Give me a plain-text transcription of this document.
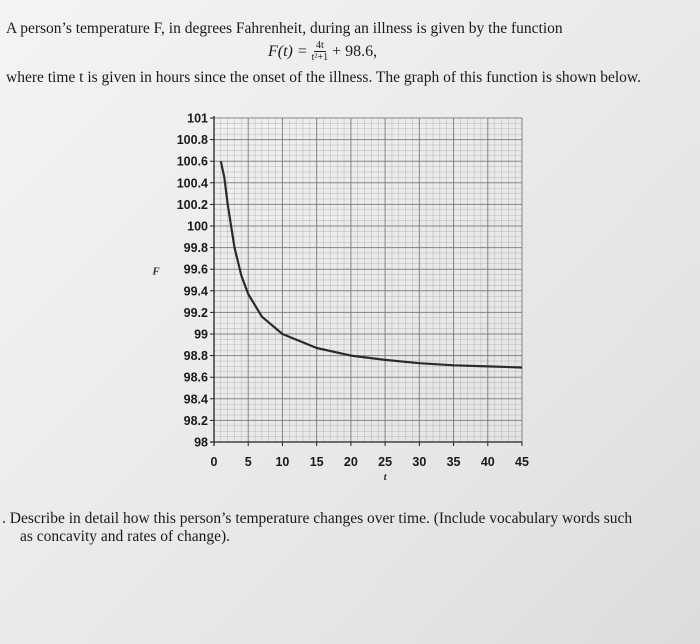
A person’s temperature F, in degrees Fahrenheit, during an illness is given by the function
$F(t) = \frac{4t}{\text{t²+1}} + 98.6$,
where time t is given in hours since the onset of the illness. The graph of this function is shown below.
101
100.8
100.6
100.4
100.2
100
99.8
99.6
99.4
99.2
99
98.8
98.6
98.4
98.2
98
0 5 10 15 20 25 30 35 40 45
t
F
. Describe in detail how this person’s temperature changes over time. (Include vocabulary words such
as concavity and rates of change).
